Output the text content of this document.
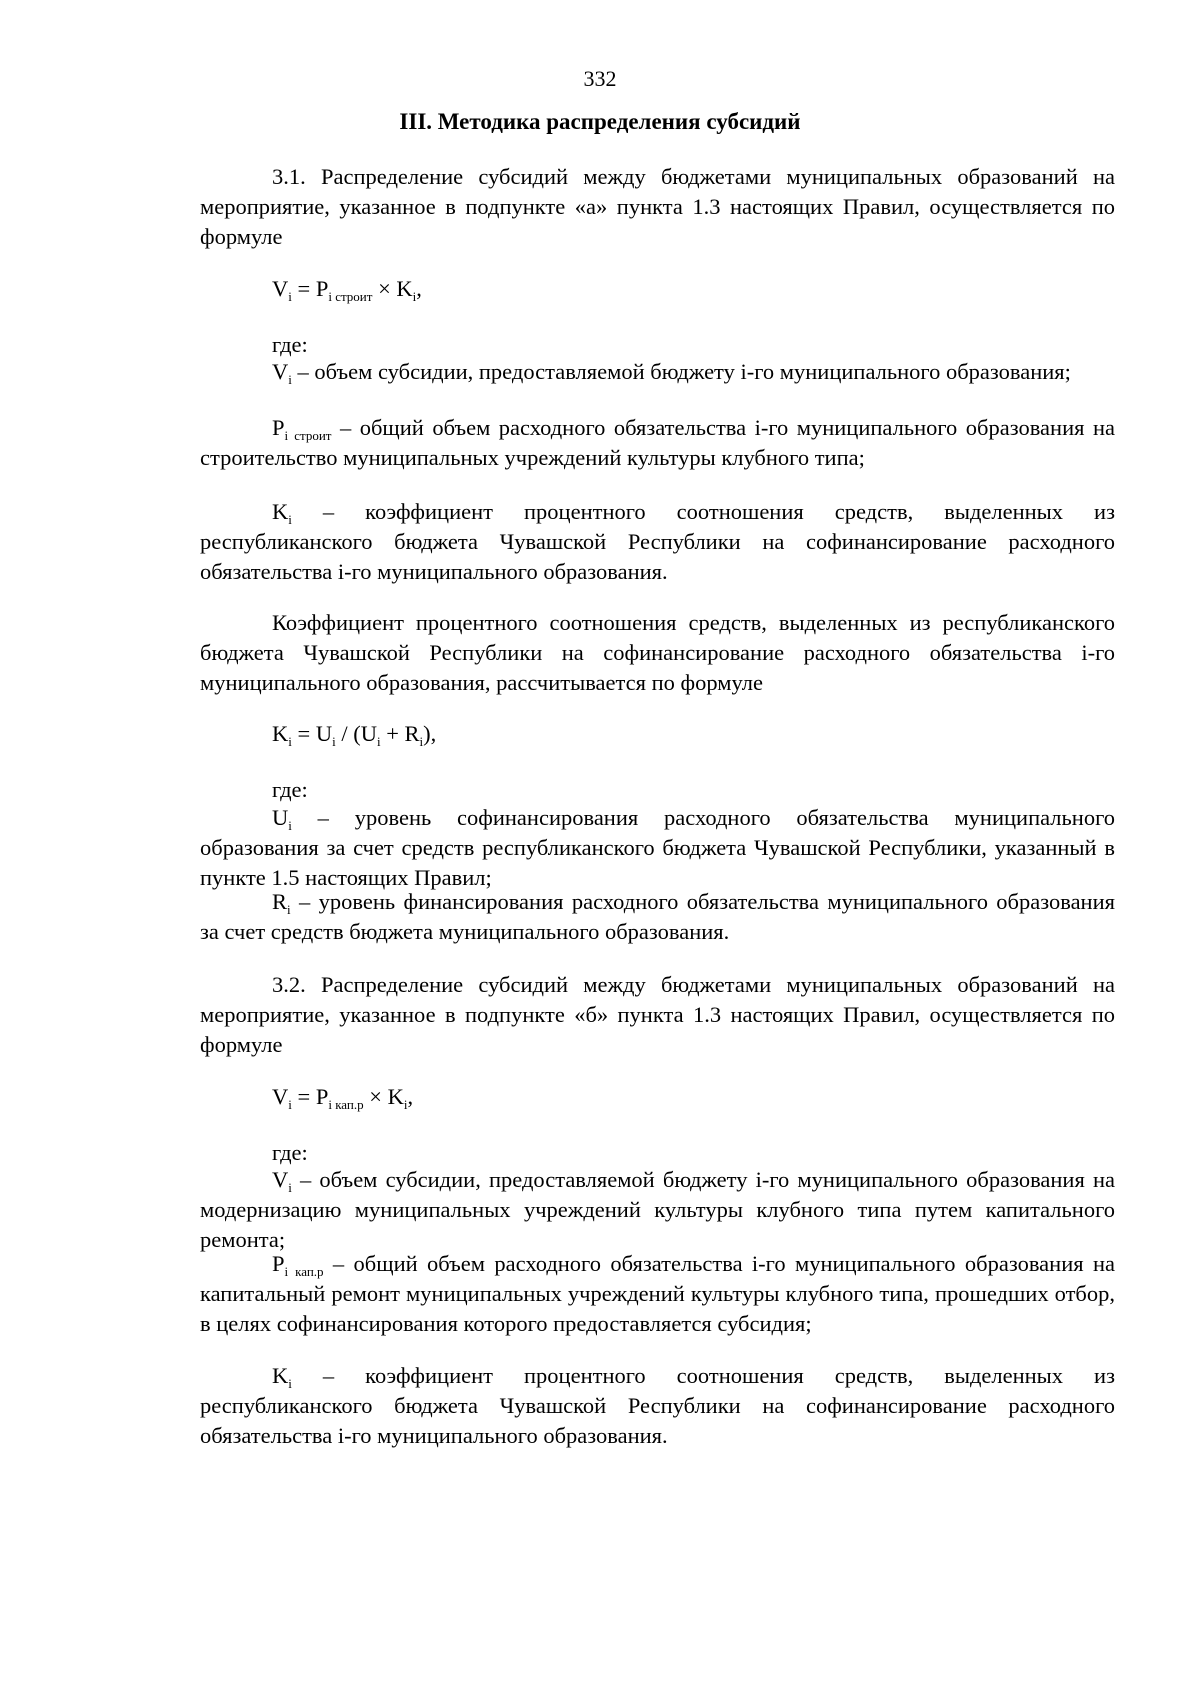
332
III. Методика распределения субсидий

3.1. Распределение субсидий между бюджетами муниципальных образований на мероприятие, указанное в подпункте «а» пункта 1.3 настоящих Правил, осуществляется по формуле

$V_i = P_{i строит} \times K_i$,
где:

$V_i$ – объем субсидии, предоставляемой бюджету i-го муниципального образования;

$P_{i строит}$ – общий объем расходного обязательства i-го муниципального образования на строительство муниципальных учреждений культуры клубного типа;

$K_i$ – коэффициент процентного соотношения средств, выделенных из республиканского бюджета Чувашской Республики на софинансирование расходного обязательства i-го муниципального образования.

Коэффициент процентного соотношения средств, выделенных из республиканского бюджета Чувашской Республики на софинансирование расходного обязательства i-го муниципального образования, рассчитывается по формуле

$K_i = U_i / (U_i + R_i)$,
где:

$U_i$ – уровень софинансирования расходного обязательства муниципального образования за счет средств республиканского бюджета Чувашской Республики, указанный в пункте 1.5 настоящих Правил;

$R_i$ – уровень финансирования расходного обязательства муниципального образования за счет средств бюджета муниципального образования.

3.2. Распределение субсидий между бюджетами муниципальных образований на мероприятие, указанное в подпункте «б» пункта 1.3 настоящих Правил, осуществляется по формуле

$V_i = P_{i кап.р} \times K_i$,
где:

$V_i$ – объем субсидии, предоставляемой бюджету i-го муниципального образования на модернизацию муниципальных учреждений культуры клубного типа путем капитального ремонта;

$P_{i кап.р}$ – общий объем расходного обязательства i-го муниципального образования на капитальный ремонт муниципальных учреждений культуры клубного типа, прошедших отбор, в целях софинансирования которого предоставляется субсидия;

$K_i$ – коэффициент процентного соотношения средств, выделенных из республиканского бюджета Чувашской Республики на софинансирование расходного обязательства i-го муниципального образования.
